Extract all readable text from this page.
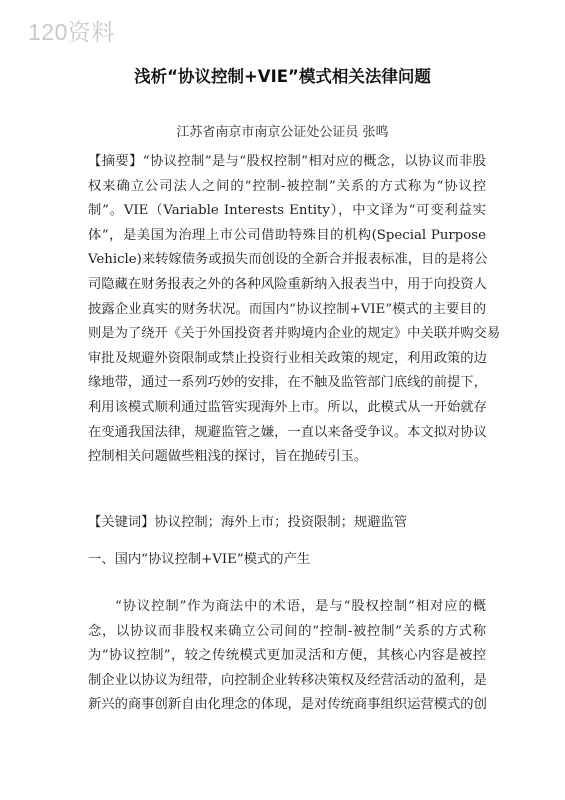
120资料
浅析“协议控制+VIE”模式相关法律问题
江苏省南京市南京公证处公证员 张鸣
【摘要】“协议控制”是与“股权控制”相对应的概念，以协议而非股
权来确立公司法人之间的“控制-被控制”关系的方式称为“协议控
制”。VIE（Variable Interests Entity），中文译为“可变利益实
体”，是美国为治理上市公司借助特殊目的机构(Special Purpose
Vehicle)来转嫁债务或损失而创设的全新合并报表标准，目的是将公
司隐藏在财务报表之外的各种风险重新纳入报表当中，用于向投资人
披露企业真实的财务状况。而国内“协议控制+VIE”模式的主要目的
则是为了绕开《关于外国投资者并购境内企业的规定》中关联并购交易
审批及规避外资限制或禁止投资行业相关政策的规定，利用政策的边
缘地带，通过一系列巧妙的安排，在不触及监管部门底线的前提下，
利用该模式顺利通过监管实现海外上市。所以，此模式从一开始就存
在变通我国法律，规避监管之嫌，一直以来备受争议。本文拟对协议
控制相关问题做些粗浅的探讨，旨在抛砖引玉。
【关键词】协议控制；海外上市；投资限制；规避监管
一、国内“协议控制+VIE”模式的产生
“协议控制”作为商法中的术语，是与“股权控制”相对应的概
念，以协议而非股权来确立公司间的“控制-被控制”关系的方式称
为“协议控制”，较之传统模式更加灵活和方便，其核心内容是被控
制企业以协议为纽带，向控制企业转移决策权及经营活动的盈利，是
新兴的商事创新自由化理念的体现，是对传统商事组织运营模式的创
